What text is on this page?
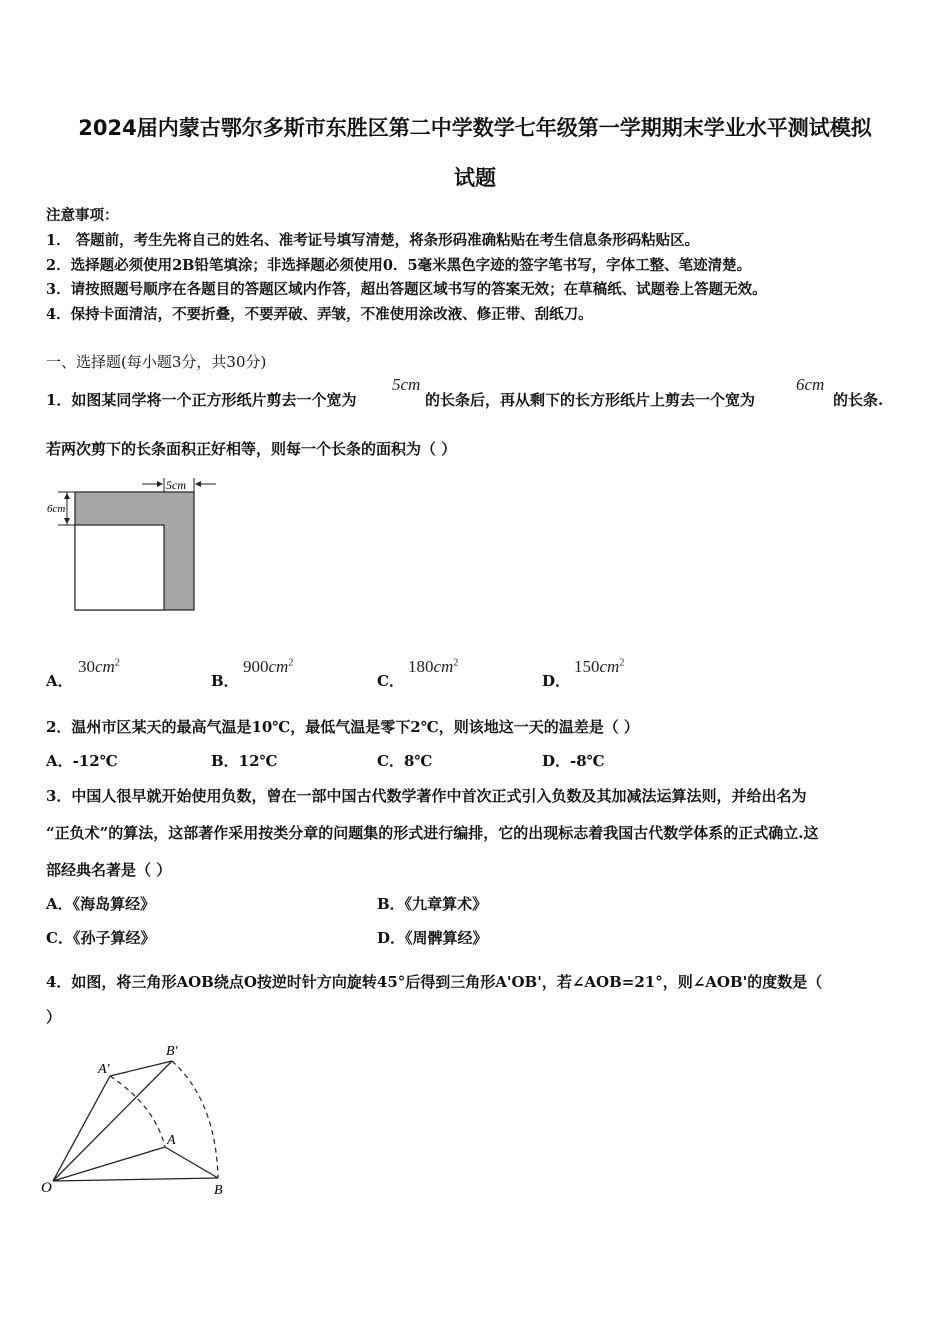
2024届内蒙古鄂尔多斯市东胜区第二中学数学七年级第一学期期末学业水平测试模拟
试题
注意事项：
1． 答题前，考生先将自己的姓名、准考证号填写清楚，将条形码准确粘贴在考生信息条形码粘贴区。
2．选择题必须使用2B铅笔填涂；非选择题必须使用0．5毫米黑色字迹的签字笔书写，字体工整、笔迹清楚。
3．请按照题号顺序在各题目的答题区域内作答，超出答题区域书写的答案无效；在草稿纸、试题卷上答题无效。
4．保持卡面清洁，不要折叠，不要弄破、弄皱，不准使用涂改液、修正带、刮纸刀。
一、选择题(每小题3分，共30分)
1．如图某同学将一个正方形纸片剪去一个宽为
5cm
的长条后，再从剩下的长方形纸片上剪去一个宽为
6cm
的长条.
若两次剪下的长条面积正好相等，则每一个长条的面积为（ ）
5cm
6cm
A．
$30cm^2$
B．
$900cm^2$
C．
$180cm^2$
D．
$150cm^2$
2．温州市区某天的最高气温是10℃，最低气温是零下2℃，则该地这一天的温差是（ ）
A．-12℃	B．12℃	C．8℃	D．-8℃
3．中国人很早就开始使用负数，曾在一部中国古代数学著作中首次正式引入负数及其加减法运算法则，并给出名为
“正负术”的算法，这部著作采用按类分章的问题集的形式进行编排，它的出现标志着我国古代数学体系的正式确立.这
部经典名著是（ ）
A．《海岛算经》	B．《九章算术》
C．《孙子算经》	D．《周髀算经》
4．如图，将三角形AOB绕点O按逆时针方向旋转45°后得到三角形A'OB'，若∠AOB=21°，则∠AOB'的度数是（
）
O
A
B
A′
B′
